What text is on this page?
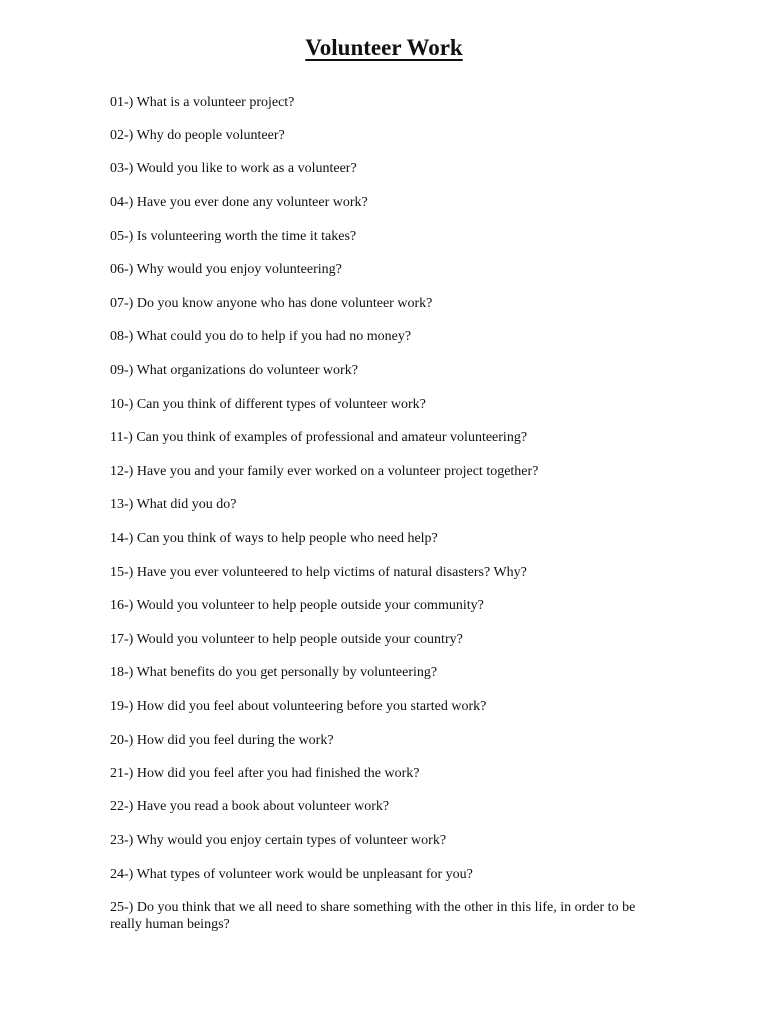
Volunteer Work

01-) What is a volunteer project?

02-) Why do people volunteer?

03-) Would you like to work as a volunteer?

04-) Have you ever done any volunteer work?

05-) Is volunteering worth the time it takes?

06-) Why would you enjoy volunteering?

07-) Do you know anyone who has done volunteer work?

08-) What could you do to help if you had no money?

09-) What organizations do volunteer work?

10-) Can you think of different types of volunteer work?

11-) Can you think of examples of professional and amateur volunteering?

12-) Have you and your family ever worked on a volunteer project together?

13-) What did you do?

14-) Can you think of ways to help people who need help?

15-) Have you ever volunteered to help victims of natural disasters? Why?

16-) Would you volunteer to help people outside your community?

17-) Would you volunteer to help people outside your country?

18-) What benefits do you get personally by volunteering?

19-) How did you feel about volunteering before you started work?

20-) How did you feel during the work?

21-) How did you feel after you had finished the work?

22-) Have you read a book about volunteer work?

23-) Why would you enjoy certain types of volunteer work?

24-) What types of volunteer work would be unpleasant for you?

25-) Do you think that we all need to share something with the other in this life, in order to be really human beings?
